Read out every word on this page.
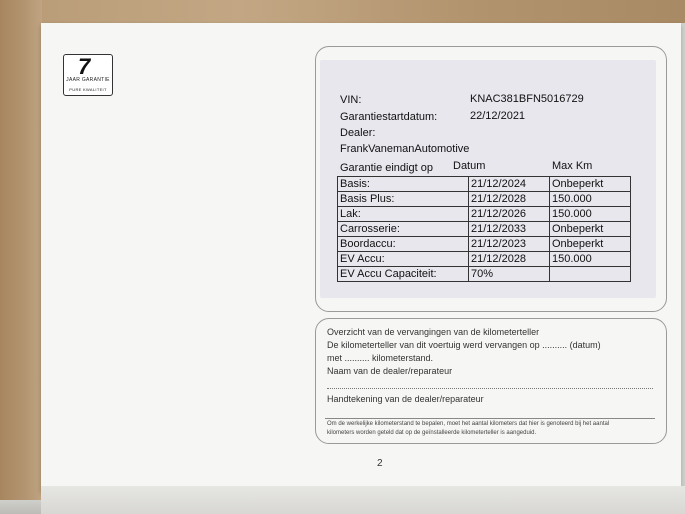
7
JAAR GARANTIE
PURE KWALITEIT
VIN:	KNAC381BFN5016729
Garantiestartdatum:	22/12/2021
Dealer:
FrankVanemanAutomotive
Garantie eindigt op Datum	Max Km
Basis:	21/12/2024	Onbeperkt
Basis Plus:	21/12/2028	150.000
Lak:	21/12/2026	150.000
Carrosserie:	21/12/2033	Onbeperkt
Boordaccu:	21/12/2023	Onbeperkt
EV Accu:	21/12/2028	150.000
EV Accu Capaciteit:	70%	
Overzicht van de vervangingen van de kilometerteller
De kilometerteller van dit voertuig werd vervangen op .......... (datum)
met .......... kilometerstand.
Naam van de dealer/reparateur
Handtekening van de dealer/reparateur
Om de werkelijke kilometerstand te bepalen, moet het aantal kilometers dat hier is genoteerd bij het aantal
kilometers worden geteld dat op de geïnstalleerde kilometerteller is aangeduid.
2
